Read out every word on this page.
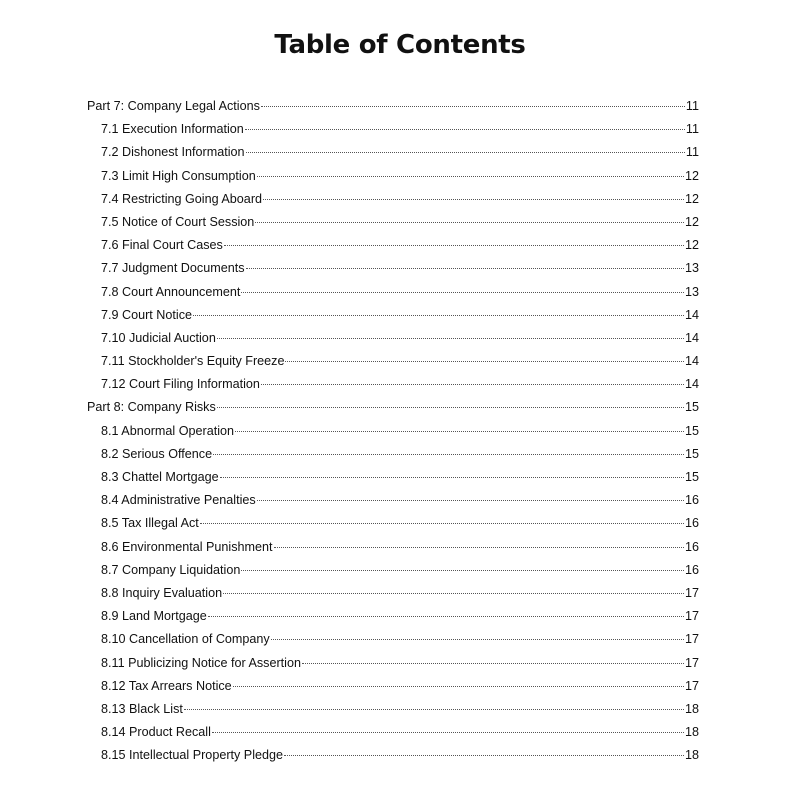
Table of Contents
Part 7: Company Legal Actions	11
7.1 Execution Information	11
7.2 Dishonest Information	11
7.3 Limit High Consumption	12
7.4 Restricting Going Aboard	12
7.5 Notice of Court Session	12
7.6 Final Court Cases	12
7.7 Judgment Documents	13
7.8 Court Announcement	13
7.9 Court Notice	14
7.10 Judicial Auction	14
7.11 Stockholder's Equity Freeze	14
7.12 Court Filing Information	14
Part 8: Company Risks	15
8.1 Abnormal Operation	15
8.2 Serious Offence	15
8.3 Chattel Mortgage	15
8.4 Administrative Penalties	16
8.5 Tax Illegal Act	16
8.6 Environmental Punishment	16
8.7 Company Liquidation	16
8.8 Inquiry Evaluation	17
8.9 Land Mortgage	17
8.10 Cancellation of Company	17
8.11 Publicizing Notice for Assertion	17
8.12 Tax Arrears Notice	17
8.13 Black List	18
8.14 Product Recall	18
8.15 Intellectual Property Pledge	18
